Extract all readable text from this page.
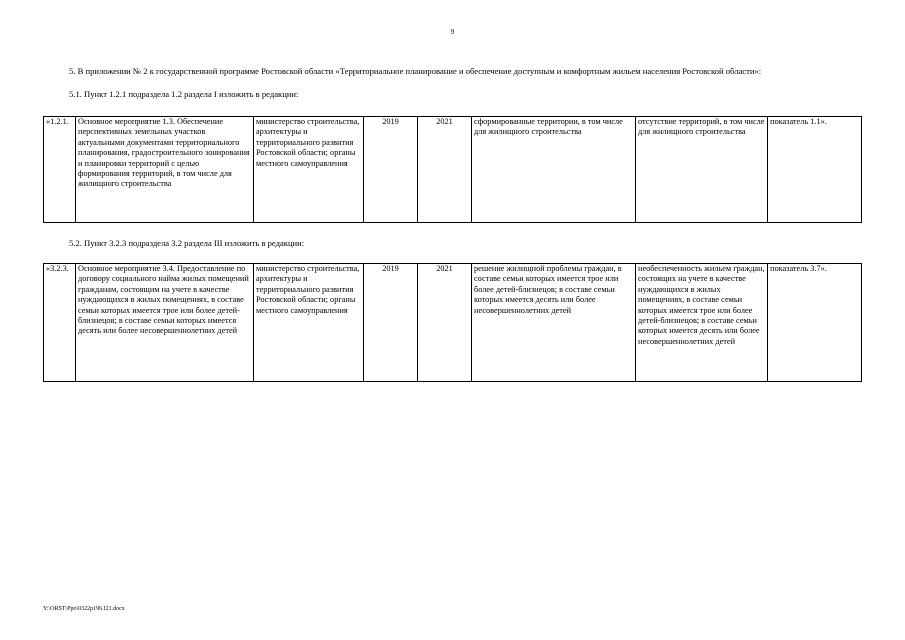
9
5. В приложении № 2 к государственной программе Ростовской области «Территориальное планирование и обеспечение доступным и комфортным жильем населения Ростовской области»:
5.1. Пункт 1.2.1 подраздела 1.2 раздела I изложить в редакции:
«1.2.1.	Основное мероприятие 1.3. Обеспечение перспективных земельных участков актуальными документами территориального планирования, градостроительного зонирования и планировки территорий с целью формирования территорий, в том числе для жилищного строительства	министерство строительства, архитектуры и территориального развития Ростовской области; органы местного самоуправления	2019	2021	сформированные территории, в том числе для жилищного строительства	отсутствие территорий, в том числе для жилищного строительства	показатель 1.1».
5.2. Пункт 3.2.3 подраздела 3.2 раздела III изложить в редакции:
«3.2.3.	Основное мероприятие 3.4. Предоставление по договору социального найма жилых помещений гражданам, состоящим на учете в качестве нуждающихся в жилых помещениях, в составе семьи которых имеется трое или более детей-близнецов; в составе семьи которых имеется десять или более несовершеннолетних детей	министерство строительства, архитектуры и территориального развития Ростовской области; органы местного самоуправления	2019	2021	решение жилищной проблемы граждан, в составе семьи которых имеется трое или более детей-близнецов; в составе семьи которых имеется десять или более несовершеннолетних детей	необеспеченность жильем граждан, состоящих на учете в качестве нуждающихся в жилых помещениях, в составе семьи которых имеется трое или более детей-близнецов; в составе семьи которых имеется десять или более несовершеннолетних детей	показатель 3.7».
Y:\ORST\Ppo\0322p196.f21.docx
